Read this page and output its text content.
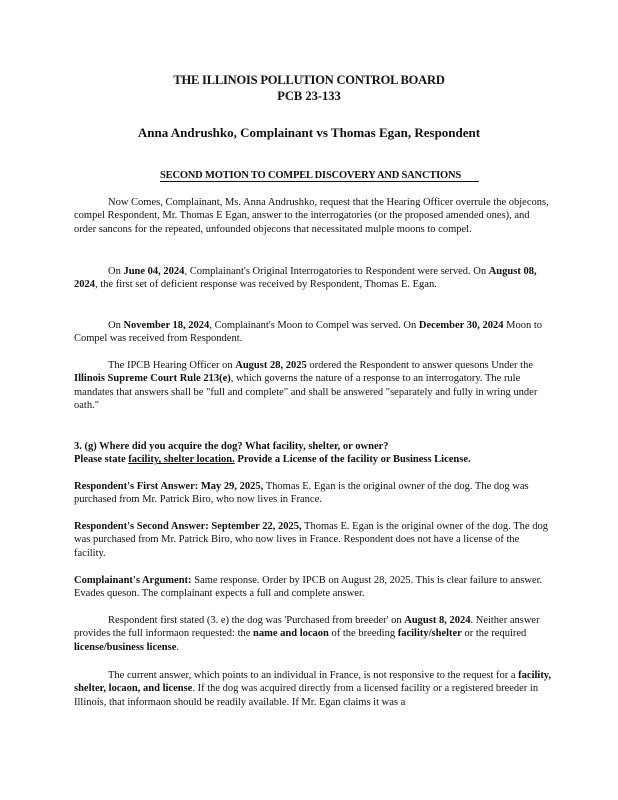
THE ILLINOIS POLLUTION CONTROL BOARD
PCB 23-133
Anna Andrushko, Complainant vs Thomas Egan, Respondent
SECOND MOTION TO COMPEL DISCOVERY AND SANCTIONS

Now Comes, Complainant, Ms. Anna Andrushko, request that the Hearing Officer overrule the objecons, compel Respondent, Mr. Thomas E Egan, answer to the interrogatories (or the proposed amended ones), and order sancons for the repeated, unfounded objecons that necessitated mulple moons to compel.

On June 04, 2024, Complainant's Original Interrogatories to Respondent were served. On August 08, 2024, the first set of deficient response was received by Respondent, Thomas E. Egan.

On November 18, 2024, Complainant's Moon to Compel was served. On December 30, 2024 Moon to Compel was received from Respondent.

The IPCB Hearing Officer on August 28, 2025 ordered the Respondent to answer quesons Under the Illinois Supreme Court Rule 213(e), which governs the nature of a response to an interrogatory. The rule mandates that answers shall be "full and complete" and shall be answered "separately and fully in wring under oath."

3. (g) Where did you acquire the dog? What facility, shelter, or owner?
Please state facility, shelter location. Provide a License of the facility or Business License.

Respondent's First Answer: May 29, 2025, Thomas E. Egan is the original owner of the dog. The dog was purchased from Mr. Patrick Biro, who now lives in France.

Respondent's Second Answer: September 22, 2025, Thomas E. Egan is the original owner of the dog. The dog was purchased from Mr. Patrick Biro, who now lives in France. Respondent does not have a license of the facility.

Complainant's Argument: Same response. Order by IPCB on August 28, 2025. This is clear failure to answer. Evades queson. The complainant expects a full and complete answer.

Respondent first stated (3. e) the dog was 'Purchased from breeder' on August 8, 2024. Neither answer provides the full informaon requested: the name and locaon of the breeding facility/shelter or the required license/business license.

The current answer, which points to an individual in France, is not responsive to the request for a facility, shelter, locaon, and license. If the dog was acquired directly from a licensed facility or a registered breeder in Illinois, that informaon should be readily available. If Mr. Egan claims it was a
